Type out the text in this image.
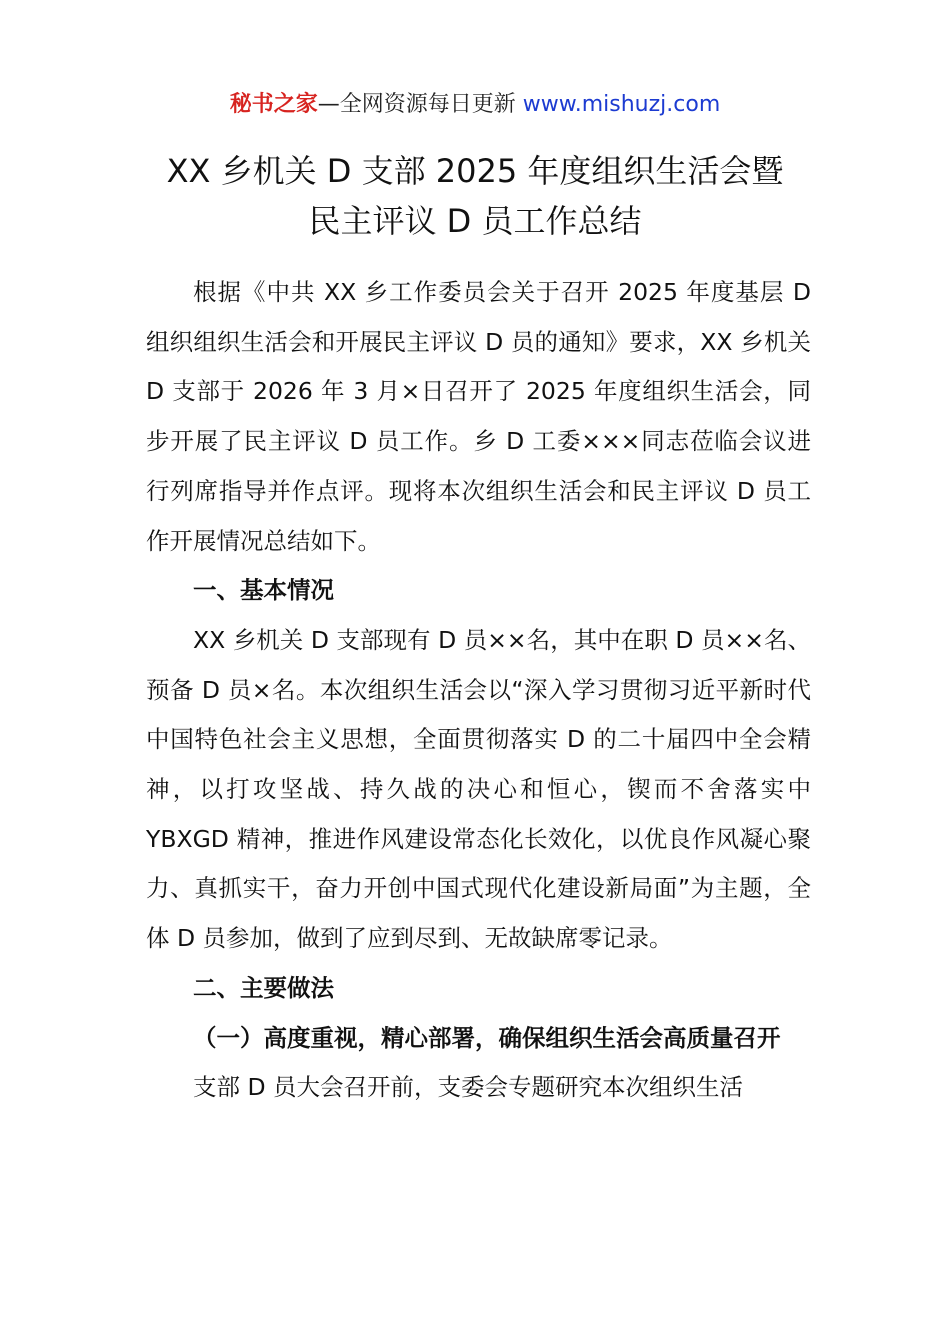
秘书之家—全网资源每日更新 www.mishuzj.com
XX 乡机关 D 支部 2025 年度组织生活会暨
民主评议 D 员工作总结

根据《中共 XX 乡工作委员会关于召开 2025 年度基层 D 组织组织生活会和开展民主评议 D 员的通知》要求，XX 乡机关 D 支部于 2026 年 3 月×日召开了 2025 年度组织生活会，同步开展了民主评议 D 员工作。乡 D 工委×××同志莅临会议进行列席指导并作点评。现将本次组织生活会和民主评议 D 员工作开展情况总结如下。

一、基本情况

XX 乡机关 D 支部现有 D 员××名，其中在职 D 员××名、预备 D 员×名。本次组织生活会以“深入学习贯彻习近平新时代中国特色社会主义思想，全面贯彻落实 D 的二十届四中全会精神，以打攻坚战、持久战的决心和恒心，锲而不舍落实中 YBXGD 精神，推进作风建设常态化长效化，以优良作风凝心聚力、真抓实干，奋力开创中国式现代化建设新局面”为主题，全体 D 员参加，做到了应到尽到、无故缺席零记录。

二、主要做法

（一）高度重视，精心部署，确保组织生活会高质量召开

支部 D 员大会召开前，支委会专题研究本次组织生活
